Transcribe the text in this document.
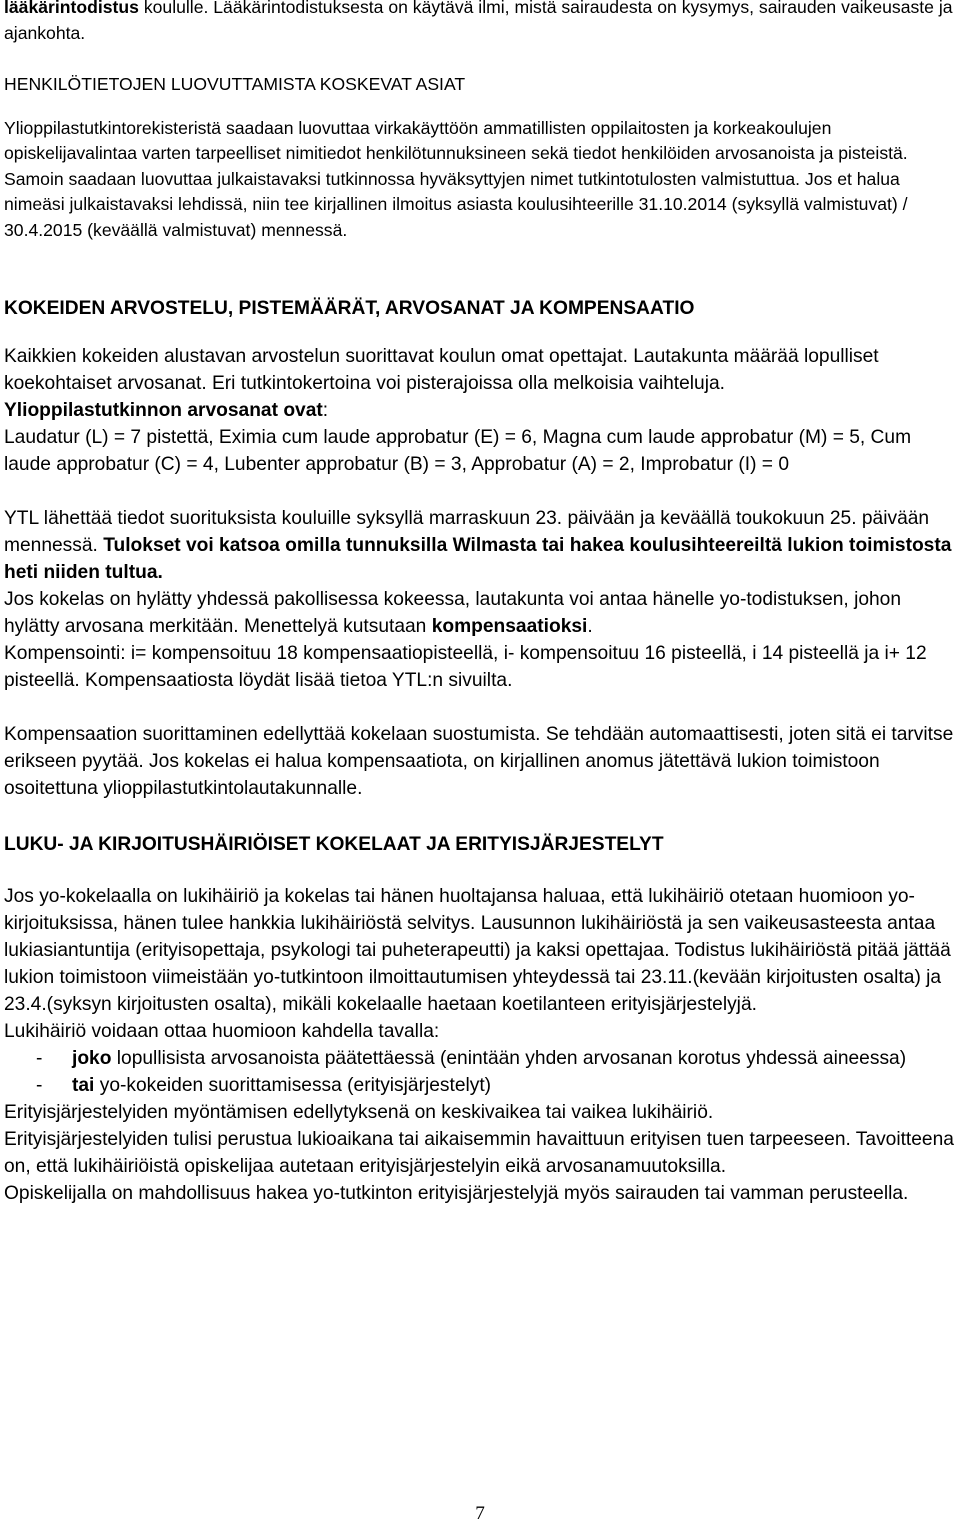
lääkärintodistus koululle. Lääkärintodistuksesta on käytävä ilmi, mistä sairaudesta on kysymys, sairauden vaikeusaste ja ajankohta.

HENKILÖTIETOJEN LUOVUTTAMISTA KOSKEVAT ASIAT

Ylioppilastutkintorekisteristä saadaan luovuttaa virkakäyttöön ammatillisten oppilaitosten ja korkeakoulujen opiskelijavalintaa varten tarpeelliset nimitiedot henkilötunnuksineen sekä tiedot henkilöiden arvosanoista ja pisteistä. Samoin saadaan luovuttaa julkaistavaksi tutkinnossa hyväksyttyjen nimet tutkintotulosten valmistuttua. Jos et halua nimeäsi julkaistavaksi lehdissä, niin tee kirjallinen ilmoitus asiasta koulusihteerille 31.10.2014 (syksyllä valmistuvat) / 30.4.2015 (keväällä valmistuvat) mennessä.

KOKEIDEN ARVOSTELU, PISTEMÄÄRÄT, ARVOSANAT JA KOMPENSAATIO

Kaikkien kokeiden alustavan arvostelun suorittavat koulun omat opettajat. Lautakunta määrää lopulliset koekohtaiset arvosanat. Eri tutkintokertoina voi pisterajoissa olla melkoisia vaihteluja.

Ylioppilastutkinnon arvosanat ovat:
Laudatur (L) = 7 pistettä, Eximia cum laude approbatur (E) = 6, Magna cum laude approbatur (M) = 5, Cum laude approbatur (C) = 4, Lubenter approbatur (B) = 3, Approbatur (A) = 2, Improbatur (I) = 0

YTL lähettää tiedot suorituksista kouluille syksyllä marraskuun 23. päivään ja keväällä toukokuun 25. päivään mennessä. Tulokset voi katsoa omilla tunnuksilla Wilmasta tai hakea koulusihteereiltä lukion toimistosta heti niiden tultua.

Jos kokelas on hylätty yhdessä pakollisessa kokeessa, lautakunta voi antaa hänelle yo-todistuksen, johon hylätty arvosana merkitään. Menettelyä kutsutaan kompensaatioksi.

Kompensointi: i= kompensoituu 18 kompensaatiopisteellä, i- kompensoituu 16 pisteellä, i 14 pisteellä ja i+ 12 pisteellä. Kompensaatiosta löydät lisää tietoa YTL:n sivuilta.

Kompensaation suorittaminen edellyttää kokelaan suostumista. Se tehdään automaattisesti, joten sitä ei tarvitse erikseen pyytää. Jos kokelas ei halua kompensaatiota, on kirjallinen anomus jätettävä lukion toimistoon osoitettuna ylioppilastutkintolautakunnalle.

LUKU- JA KIRJOITUSHÄIRIÖISET KOKELAAT JA ERITYISJÄRJESTELYT

Jos yo-kokelaalla on lukihäiriö ja kokelas tai hänen huoltajansa haluaa, että lukihäiriö otetaan huomioon yo-kirjoituksissa, hänen tulee hankkia lukihäiriöstä selvitys. Lausunnon lukihäiriöstä ja sen vaikeusasteesta antaa lukiasiantuntija (erityisopettaja, psykologi tai puheterapeutti) ja kaksi opettajaa. Todistus lukihäiriöstä pitää jättää lukion toimistoon viimeistään yo-tutkintoon ilmoittautumisen yhteydessä tai 23.11.(kevään kirjoitusten osalta) ja 23.4.(syksyn kirjoitusten osalta), mikäli kokelaalle haetaan koetilanteen erityisjärjestelyjä.

Lukihäiriö voidaan ottaa huomioon kahdella tavalla:

- joko lopullisista arvosanoista päätettäessä (enintään yhden arvosanan korotus yhdessä aineessa)
- tai yo-kokeiden suorittamisessa (erityisjärjestelyt)

Erityisjärjestelyiden myöntämisen edellytyksenä on keskivaikea tai vaikea lukihäiriö.

Erityisjärjestelyiden tulisi perustua lukioaikana tai aikaisemmin havaittuun erityisen tuen tarpeeseen. Tavoitteena on, että lukihäiriöistä opiskelijaa autetaan erityisjärjestelyin eikä arvosanamuutoksilla.

Opiskelijalla on mahdollisuus hakea yo-tutkinton erityisjärjestelyjä myös sairauden tai vamman perusteella.

7
